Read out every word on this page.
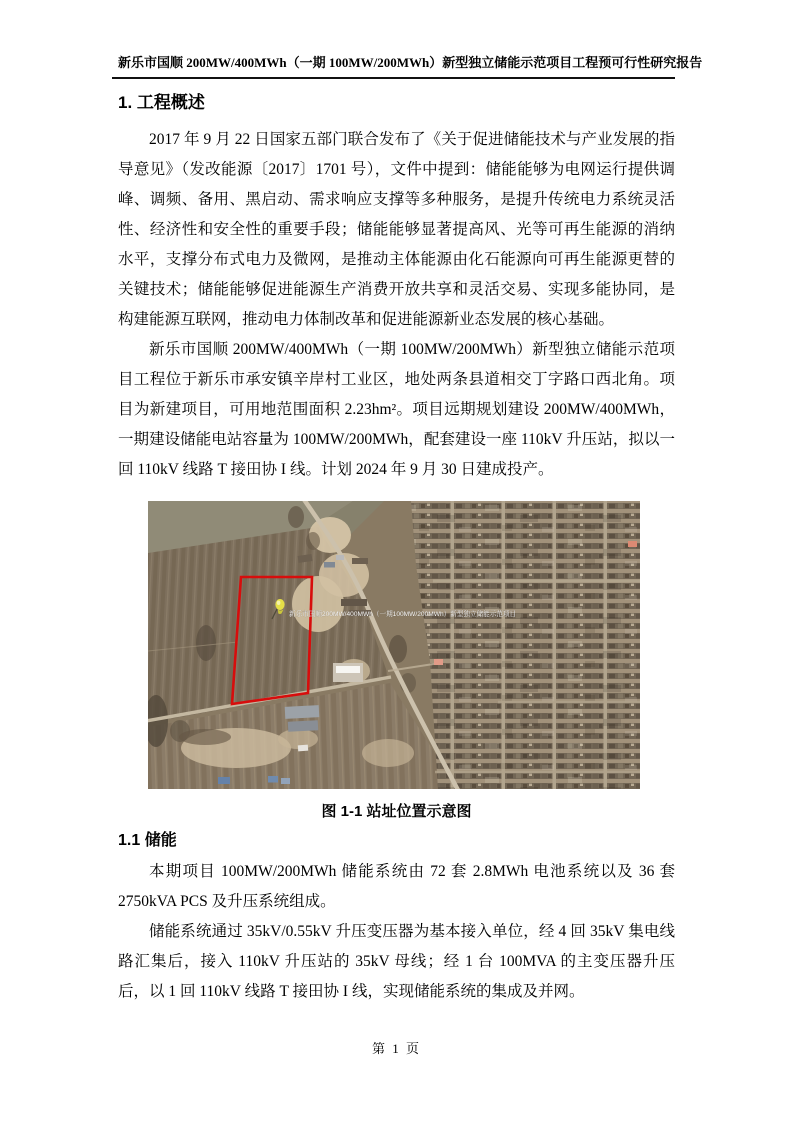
新乐市国顺 200MW/400MWh（一期 100MW/200MWh）新型独立储能示范项目工程 预可行性研究报告
1. 工程概述

2017 年 9 月 22 日国家五部门联合发布了《关于促进储能技术与产业发展的指导意见》（发改能源〔2017〕1701 号），文件中提到：储能能够为电网运行提供调峰、调频、备用、黑启动、需求响应支撑等多种服务，是提升传统电力系统灵活性、经济性和安全性的重要手段；储能能够显著提高风、光等可再生能源的消纳水平，支撑分布式电力及微网，是推动主体能源由化石能源向可再生能源更替的关键技术；储能能够促进能源生产消费开放共享和灵活交易、实现多能协同，是构建能源互联网，推动电力体制改革和促进能源新业态发展的核心基础。

新乐市国顺 200MW/400MWh（一期 100MW/200MWh）新型独立储能示范项目工程位于新乐市承安镇辛岸村工业区，地处两条县道相交丁字路口西北角。项目为新建项目，可用地范围面积 2.23hm²。项目远期规划建设 200MW/400MWh，一期建设储能电站容量为 100MW/200MWh，配套建设一座 110kV 升压站，拟以一回 110kV 线路 T 接田协 I 线。计划 2024 年 9 月 30 日建成投产。

新乐市国顺200MW/400MWh（一期100MW/200MWh）新型独立储能示范项目
图 1-1 站址位置示意图
1.1 储能

本期项目 100MW/200MWh 储能系统由 72 套 2.8MWh 电池系统以及 36 套 2750kVA PCS 及升压系统组成。

储能系统通过 35kV/0.55kV 升压变压器为基本接入单位，经 4 回 35kV 集电线路汇集后，接入 110kV 升压站的 35kV 母线；经 1 台 100MVA 的主变压器升压后，以 1 回 110kV 线路 T 接田协 I 线，实现储能系统的集成及并网。

第 1 页
